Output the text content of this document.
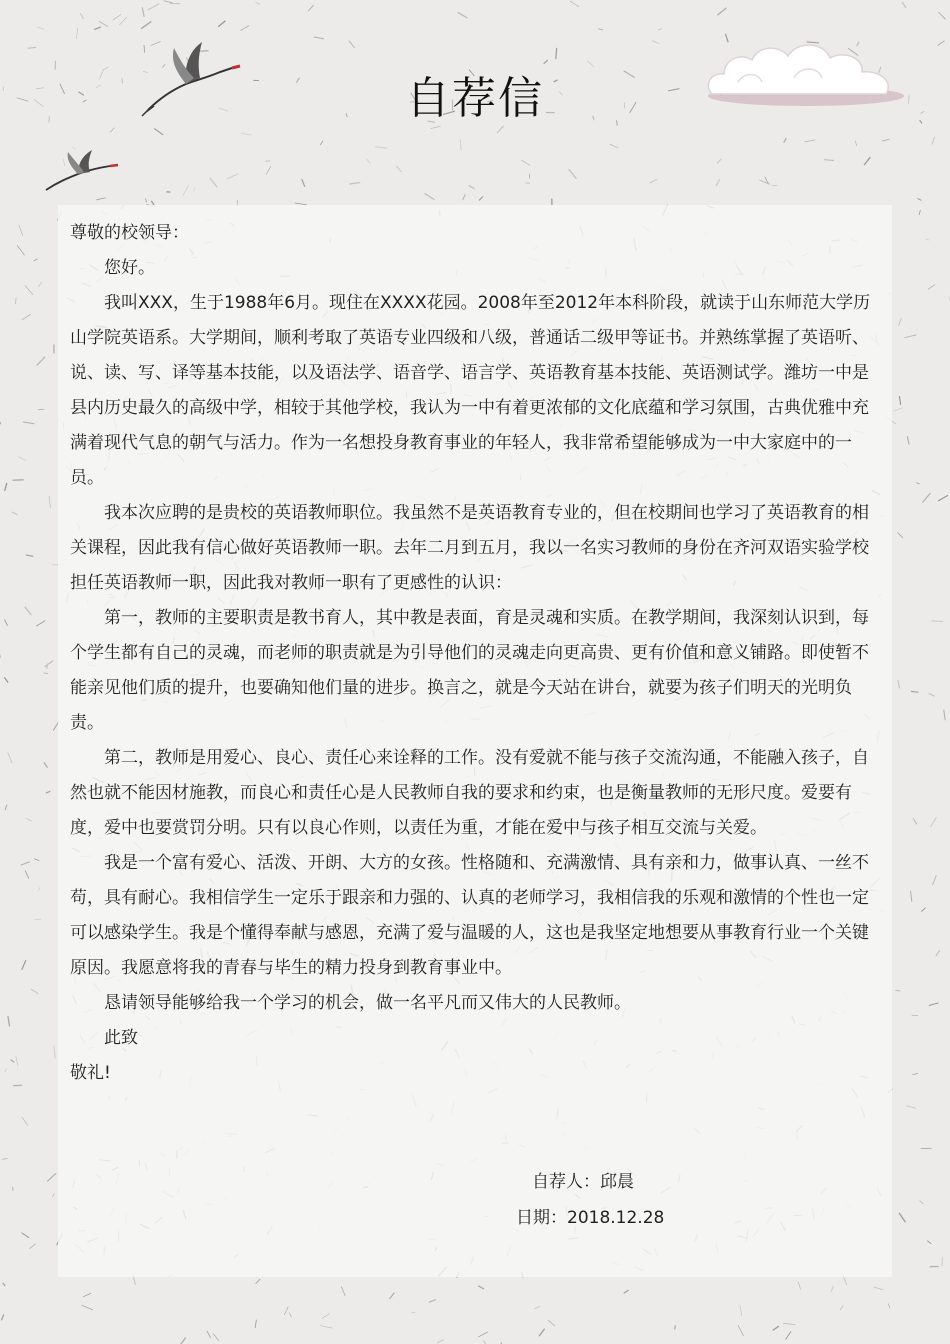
自荐信

尊敬的校领导：

您好。

我叫XXX，生于1988年6月。现住在XXXX花园。2008年至2012年本科阶段，就读于山东师范大学历山学院英语系。大学期间，顺利考取了英语专业四级和八级，普通话二级甲等证书。并熟练掌握了英语听、说、读、写、译等基本技能，以及语法学、语音学、语言学、英语教育基本技能、英语测试学。潍坊一中是县内历史最久的高级中学，相较于其他学校，我认为一中有着更浓郁的文化底蕴和学习氛围，古典优雅中充满着现代气息的朝气与活力。作为一名想投身教育事业的年轻人，我非常希望能够成为一中大家庭中的一员。

我本次应聘的是贵校的英语教师职位。我虽然不是英语教育专业的，但在校期间也学习了英语教育的相关课程，因此我有信心做好英语教师一职。去年二月到五月，我以一名实习教师的身份在齐河双语实验学校担任英语教师一职，因此我对教师一职有了更感性的认识：

第一，教师的主要职责是教书育人，其中教是表面，育是灵魂和实质。在教学期间，我深刻认识到，每个学生都有自己的灵魂，而老师的职责就是为引导他们的灵魂走向更高贵、更有价值和意义铺路。即使暂不能亲见他们质的提升，也要确知他们量的进步。换言之，就是今天站在讲台，就要为孩子们明天的光明负责。

第二，教师是用爱心、良心、责任心来诠释的工作。没有爱就不能与孩子交流沟通，不能融入孩子，自然也就不能因材施教，而良心和责任心是人民教师自我的要求和约束，也是衡量教师的无形尺度。爱要有度，爱中也要赏罚分明。只有以良心作则，以责任为重，才能在爱中与孩子相互交流与关爱。

我是一个富有爱心、活泼、开朗、大方的女孩。性格随和、充满激情、具有亲和力，做事认真、一丝不苟，具有耐心。我相信学生一定乐于跟亲和力强的、认真的老师学习，我相信我的乐观和激情的个性也一定可以感染学生。我是个懂得奉献与感恩，充满了爱与温暖的人，这也是我坚定地想要从事教育行业一个关键原因。我愿意将我的青春与毕生的精力投身到教育事业中。

恳请领导能够给我一个学习的机会，做一名平凡而又伟大的人民教师。

此致

敬礼!

自荐人：邱晨
日期：2018.12.28
